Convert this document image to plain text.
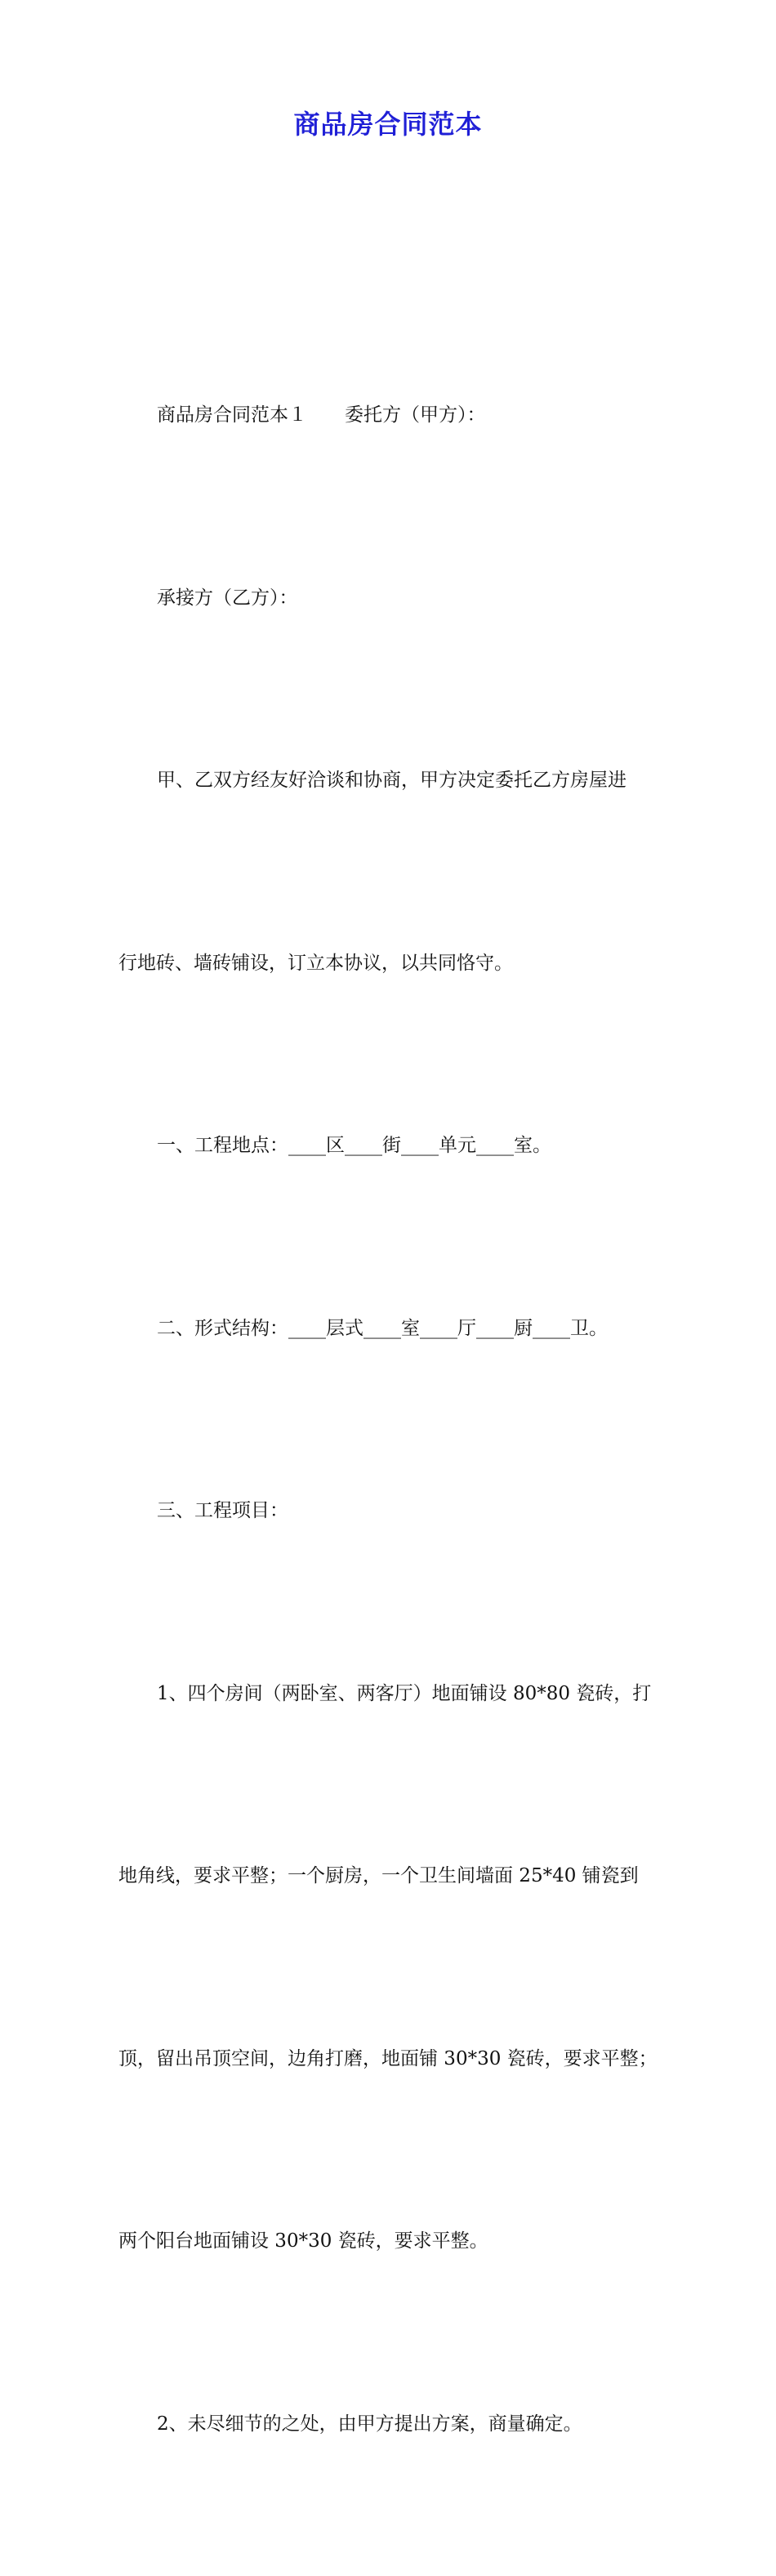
商品房合同范本

商品房合同范本１　　委托方（甲方）：

承接方（乙方）：

甲、乙双方经友好洽谈和协商，甲方决定委托乙方房屋进

行地砖、墙砖铺设，订立本协议，以共同恪守。

一、工程地点：____区____街____单元____室。

二、形式结构：____层式____室____厅____厨____卫。

三、工程项目：

1、四个房间（两卧室、两客厅）地面铺设 80*80 瓷砖，打

地角线，要求平整；一个厨房，一个卫生间墙面 25*40 铺瓷到

顶，留出吊顶空间，边角打磨，地面铺 30*30 瓷砖，要求平整；

两个阳台地面铺设 30*30 瓷砖，要求平整。

2、未尽细节的之处，由甲方提出方案，商量确定。
